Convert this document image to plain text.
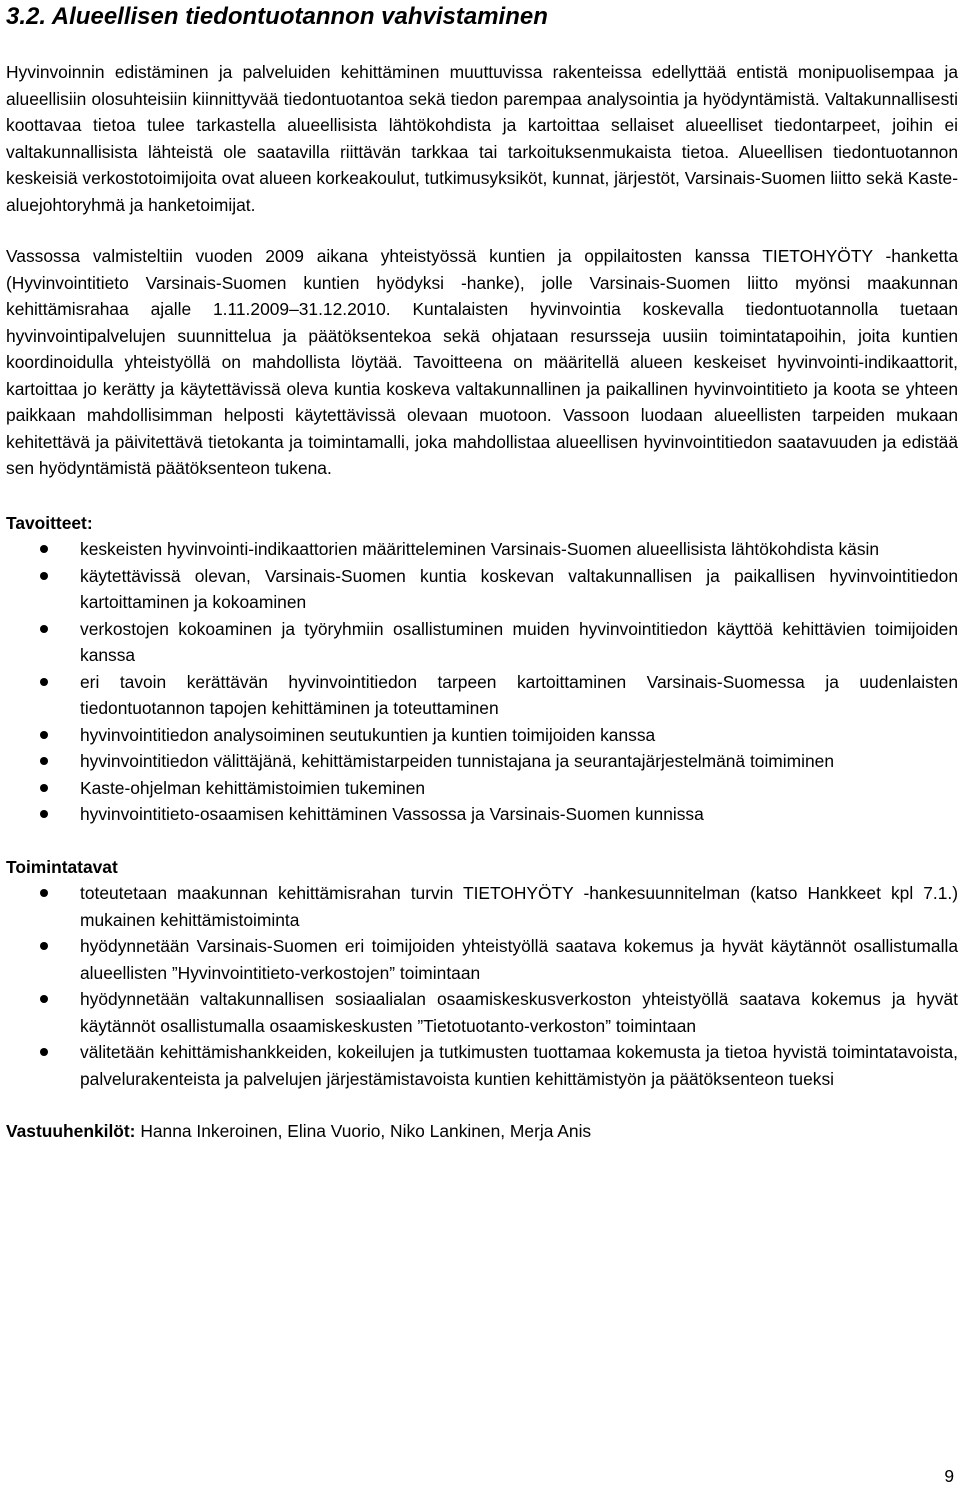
3.2. Alueellisen tiedontuotannon vahvistaminen

Hyvinvoinnin edistäminen ja palveluiden kehittäminen muuttuvissa rakenteissa edellyttää entistä monipuolisempaa ja alueellisiin olosuhteisiin kiinnittyvää tiedontuotantoa sekä tiedon parempaa analysointia ja hyödyntämistä. Valtakunnallisesti koottavaa tietoa tulee tarkastella alueellisista lähtökohdista ja kartoittaa sellaiset alueelliset tiedontarpeet, joihin ei valtakunnallisista lähteistä ole saatavilla riittävän tarkkaa tai tarkoituksenmukaista tietoa. Alueellisen tiedontuotannon keskeisiä verkostotoimijoita ovat alueen korkeakoulut, tutkimusyksiköt, kunnat, järjestöt, Varsinais-Suomen liitto sekä Kaste-aluejohtoryhmä ja hanketoimijat.

Vassossa valmisteltiin vuoden 2009 aikana yhteistyössä kuntien ja oppilaitosten kanssa TIETOHYÖTY -hanketta (Hyvinvointitieto Varsinais-Suomen kuntien hyödyksi -hanke), jolle Varsinais-Suomen liitto myönsi maakunnan kehittämisrahaa ajalle 1.11.2009–31.12.2010. Kuntalaisten hyvinvointia koskevalla tiedontuotannolla tuetaan hyvinvointipalvelujen suunnittelua ja päätöksentekoa sekä ohjataan resursseja uusiin toimintatapoihin, joita kuntien koordinoidulla yhteistyöllä on mahdollista löytää. Tavoitteena on määritellä alueen keskeiset hyvinvointi-indikaattorit, kartoittaa jo kerätty ja käytettävissä oleva kuntia koskeva valtakunnallinen ja paikallinen hyvinvointitieto ja koota se yhteen paikkaan mahdollisimman helposti käytettävissä olevaan muotoon. Vassoon luodaan alueellisten tarpeiden mukaan kehitettävä ja päivitettävä tietokanta ja toimintamalli, joka mahdollistaa alueellisen hyvinvointitiedon saatavuuden ja edistää sen hyödyntämistä päätöksenteon tukena.

Tavoitteet:

keskeisten hyvinvointi-indikaattorien määritteleminen Varsinais-Suomen alueellisista lähtökohdista käsin
käytettävissä olevan, Varsinais-Suomen kuntia koskevan valtakunnallisen ja paikallisen hyvinvointitiedon kartoittaminen ja kokoaminen
verkostojen kokoaminen ja työryhmiin osallistuminen muiden hyvinvointitiedon käyttöä kehittävien toimijoiden kanssa
eri tavoin kerättävän hyvinvointitiedon tarpeen kartoittaminen Varsinais-Suomessa ja uudenlaisten tiedontuotannon tapojen kehittäminen ja toteuttaminen
hyvinvointitiedon analysoiminen seutukuntien ja kuntien toimijoiden kanssa
hyvinvointitiedon välittäjänä, kehittämistarpeiden tunnistajana ja seurantajärjestelmänä toimiminen
Kaste-ohjelman kehittämistoimien tukeminen
hyvinvointitieto-osaamisen kehittäminen Vassossa ja Varsinais-Suomen kunnissa

Toimintatavat

toteutetaan maakunnan kehittämisrahan turvin TIETOHYÖTY -hankesuunnitelman (katso Hankkeet kpl 7.1.) mukainen kehittämistoiminta
hyödynnetään Varsinais-Suomen eri toimijoiden yhteistyöllä saatava kokemus ja hyvät käytännöt osallistumalla alueellisten ”Hyvinvointitieto-verkostojen” toimintaan
hyödynnetään valtakunnallisen sosiaalialan osaamiskeskusverkoston yhteistyöllä saatava kokemus ja hyvät käytännöt osallistumalla osaamiskeskusten ”Tietotuotanto-verkoston” toimintaan
välitetään kehittämishankkeiden, kokeilujen ja tutkimusten tuottamaa kokemusta ja tietoa hyvistä toimintatavoista, palvelurakenteista ja palvelujen järjestämistavoista kuntien kehittämistyön ja päätöksenteon tueksi

Vastuuhenkilöt: Hanna Inkeroinen, Elina Vuorio, Niko Lankinen, Merja Anis

9
